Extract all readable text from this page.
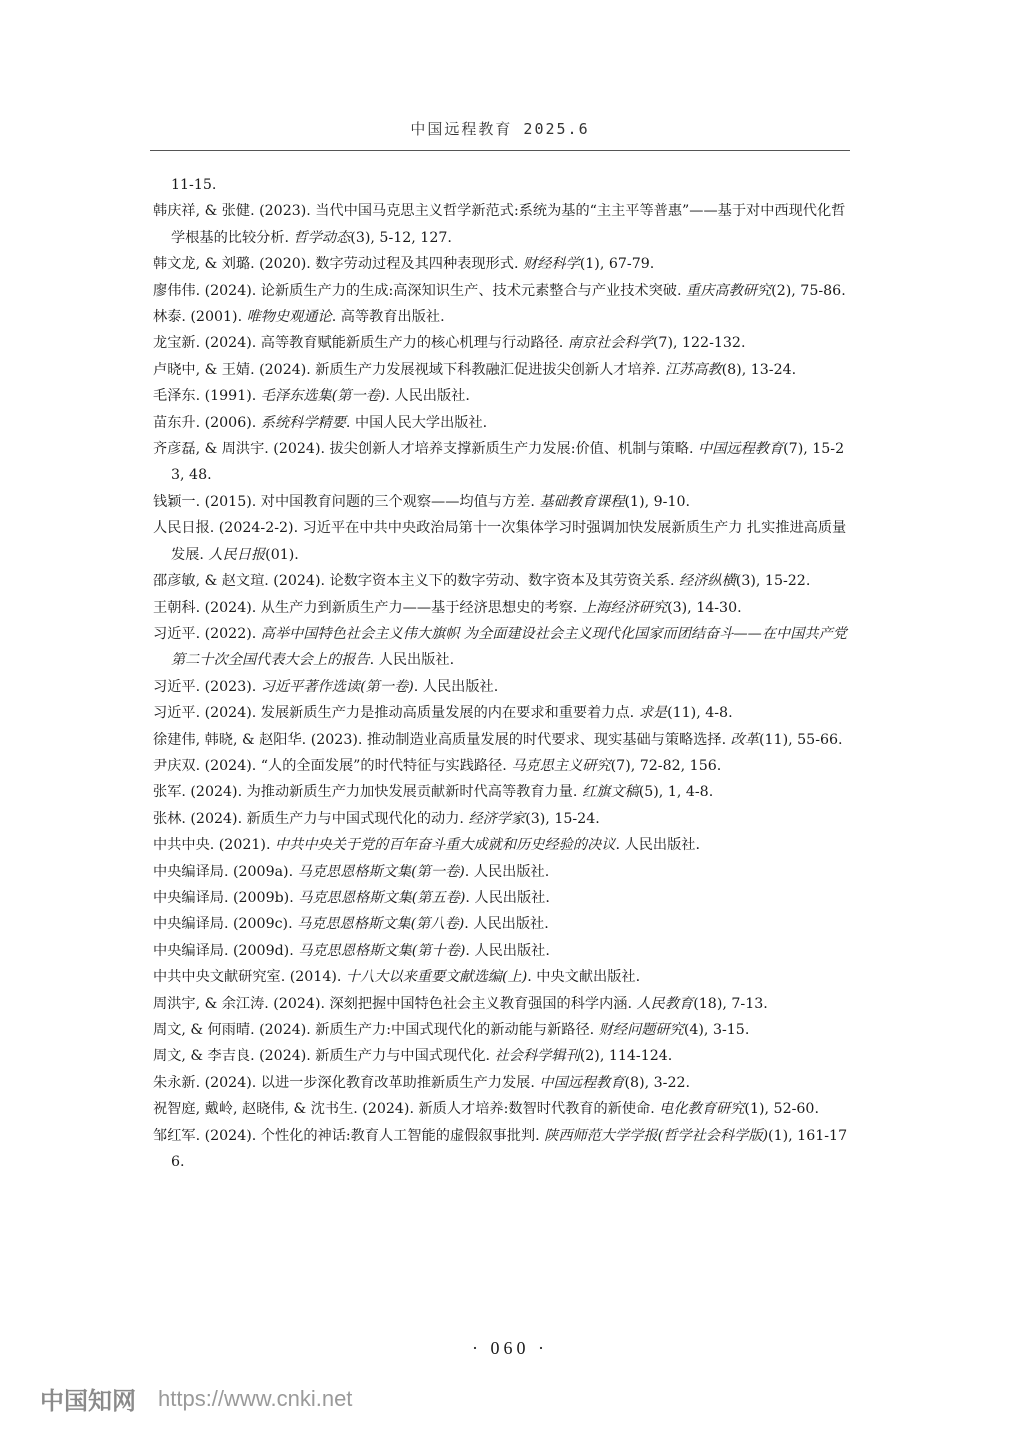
中国远程教育 2025.6
11-15.
韩庆祥, & 张健. (2023). 当代中国马克思主义哲学新范式:系统为基的“主主平等普惠”——基于对中西现代化哲学根基的比较分析. 哲学动态(3), 5-12, 127.
韩文龙, & 刘璐. (2020). 数字劳动过程及其四种表现形式. 财经科学(1), 67-79.
廖伟伟. (2024). 论新质生产力的生成:高深知识生产、技术元素整合与产业技术突破. 重庆高教研究(2), 75-86.
林泰. (2001). 唯物史观通论. 高等教育出版社.
龙宝新. (2024). 高等教育赋能新质生产力的核心机理与行动路径. 南京社会科学(7), 122-132.
卢晓中, & 王婧. (2024). 新质生产力发展视域下科教融汇促进拔尖创新人才培养. 江苏高教(8), 13-24.
毛泽东. (1991). 毛泽东选集(第一卷). 人民出版社.
苗东升. (2006). 系统科学精要. 中国人民大学出版社.
齐彦磊, & 周洪宇. (2024). 拔尖创新人才培养支撑新质生产力发展:价值、机制与策略. 中国远程教育(7), 15-23, 48.
钱颖一. (2015). 对中国教育问题的三个观察——均值与方差. 基础教育课程(1), 9-10.
人民日报. (2024-2-2). 习近平在中共中央政治局第十一次集体学习时强调加快发展新质生产力 扎实推进高质量发展. 人民日报(01).
邵彦敏, & 赵文瑄. (2024). 论数字资本主义下的数字劳动、数字资本及其劳资关系. 经济纵横(3), 15-22.
王朝科. (2024). 从生产力到新质生产力——基于经济思想史的考察. 上海经济研究(3), 14-30.
习近平. (2022). 高举中国特色社会主义伟大旗帜 为全面建设社会主义现代化国家而团结奋斗——在中国共产党第二十次全国代表大会上的报告. 人民出版社.
习近平. (2023). 习近平著作选读(第一卷). 人民出版社.
习近平. (2024). 发展新质生产力是推动高质量发展的内在要求和重要着力点. 求是(11), 4-8.
徐建伟, 韩晓, & 赵阳华. (2023). 推动制造业高质量发展的时代要求、现实基础与策略选择. 改革(11), 55-66.
尹庆双. (2024). “人的全面发展”的时代特征与实践路径. 马克思主义研究(7), 72-82, 156.
张军. (2024). 为推动新质生产力加快发展贡献新时代高等教育力量. 红旗文稿(5), 1, 4-8.
张林. (2024). 新质生产力与中国式现代化的动力. 经济学家(3), 15-24.
中共中央. (2021). 中共中央关于党的百年奋斗重大成就和历史经验的决议. 人民出版社.
中央编译局. (2009a). 马克思恩格斯文集(第一卷). 人民出版社.
中央编译局. (2009b). 马克思恩格斯文集(第五卷). 人民出版社.
中央编译局. (2009c). 马克思恩格斯文集(第八卷). 人民出版社.
中央编译局. (2009d). 马克思恩格斯文集(第十卷). 人民出版社.
中共中央文献研究室. (2014). 十八大以来重要文献选编(上). 中央文献出版社.
周洪宇, & 余江涛. (2024). 深刻把握中国特色社会主义教育强国的科学内涵. 人民教育(18), 7-13.
周文, & 何雨晴. (2024). 新质生产力:中国式现代化的新动能与新路径. 财经问题研究(4), 3-15.
周文, & 李吉良. (2024). 新质生产力与中国式现代化. 社会科学辑刊(2), 114-124.
朱永新. (2024). 以进一步深化教育改革助推新质生产力发展. 中国远程教育(8), 3-22.
祝智庭, 戴岭, 赵晓伟, & 沈书生. (2024). 新质人才培养:数智时代教育的新使命. 电化教育研究(1), 52-60.
邹红军. (2024). 个性化的神话:教育人工智能的虚假叙事批判. 陕西师范大学学报(哲学社会科学版)(1), 161-176.
· 060 ·
中国知网 https://www.cnki.net
